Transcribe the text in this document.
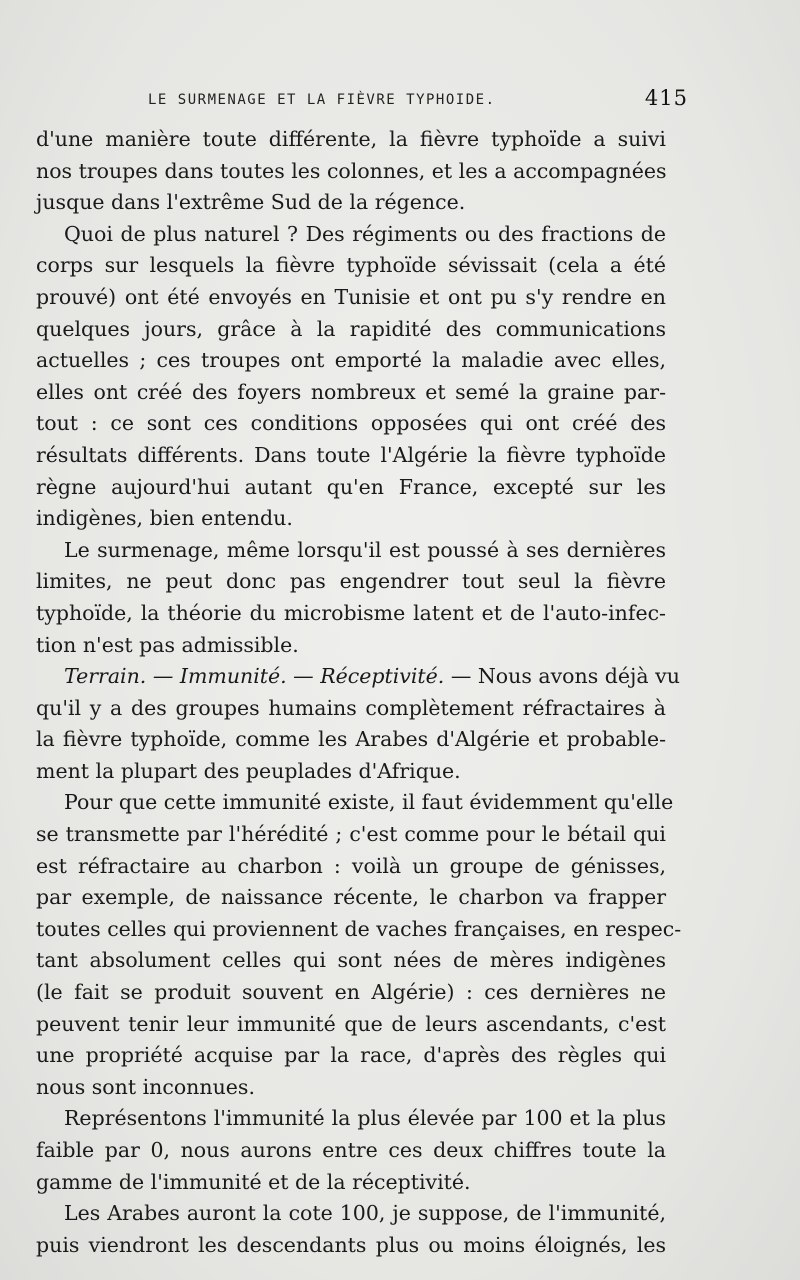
LE SURMENAGE ET LA FIÈVRE TYPHOIDE.	415
d'une manière toute différente, la fièvre typhoïde a suivi
nos troupes dans toutes les colonnes, et les a accompagnées
jusque dans l'extrême Sud de la régence.
Quoi de plus naturel ? Des régiments ou des fractions de
corps sur lesquels la fièvre typhoïde sévissait (cela a été
prouvé) ont été envoyés en Tunisie et ont pu s'y rendre en
quelques jours, grâce à la rapidité des communications
actuelles ; ces troupes ont emporté la maladie avec elles,
elles ont créé des foyers nombreux et semé la graine par-
tout : ce sont ces conditions opposées qui ont créé des
résultats différents. Dans toute l'Algérie la fièvre typhoïde
règne aujourd'hui autant qu'en France, excepté sur les
indigènes, bien entendu.
Le surmenage, même lorsqu'il est poussé à ses dernières
limites, ne peut donc pas engendrer tout seul la fièvre
typhoïde, la théorie du microbisme latent et de l'auto-infec-
tion n'est pas admissible.
Terrain. — Immunité. — Réceptivité. — Nous avons déjà vu
qu'il y a des groupes humains complètement réfractaires à
la fièvre typhoïde, comme les Arabes d'Algérie et probable-
ment la plupart des peuplades d'Afrique.
Pour que cette immunité existe, il faut évidemment qu'elle
se transmette par l'hérédité ; c'est comme pour le bétail qui
est réfractaire au charbon : voilà un groupe de génisses,
par exemple, de naissance récente, le charbon va frapper
toutes celles qui proviennent de vaches françaises, en respec-
tant absolument celles qui sont nées de mères indigènes
(le fait se produit souvent en Algérie) : ces dernières ne
peuvent tenir leur immunité que de leurs ascendants, c'est
une propriété acquise par la race, d'après des règles qui
nous sont inconnues.
Représentons l'immunité la plus élevée par 100 et la plus
faible par 0, nous aurons entre ces deux chiffres toute la
gamme de l'immunité et de la réceptivité.
Les Arabes auront la cote 100, je suppose, de l'immunité,
puis viendront les descendants plus ou moins éloignés, les
